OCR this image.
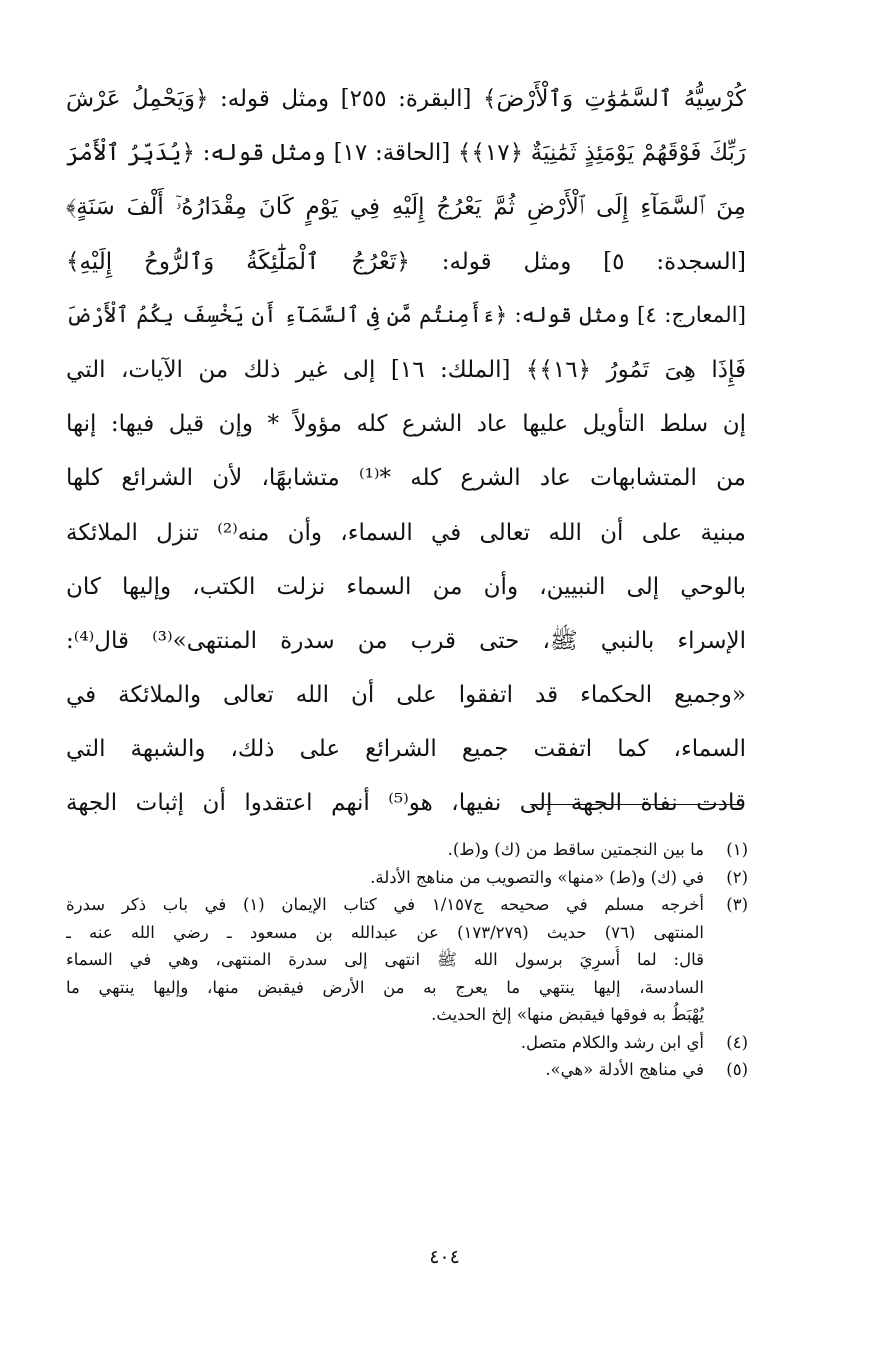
كُرْسِيُّهُ ٱلسَّمَٰوَٰتِ وَٱلْأَرْضَ﴾ [البقرة: ٢٥٥] ومثل قوله: ﴿وَيَحْمِلُ عَرْشَ
رَبِّكَ فَوْقَهُمْ يَوْمَئِذٍ ثَمَٰنِيَةٌ ﴿١٧﴾﴾ [الحاقة: ١٧] ومثل قوله: ﴿يُدَبِّرُ ٱلْأَمْرَ
مِنَ ٱلسَّمَآءِ إِلَى ٱلْأَرْضِ ثُمَّ يَعْرُجُ إِلَيْهِ فِي يَوْمٍ كَانَ مِقْدَارُهُۥٓ أَلْفَ سَنَةٍ﴾
[السجدة: ٥] ومثل قوله: ﴿تَعْرُجُ ٱلْمَلَٰٓئِكَةُ وَٱلرُّوحُ إِلَيْهِ﴾
[المعارج: ٤] ومثل قوله: ﴿ءَأَمِنتُم مَّن فِى ٱلسَّمَآءِ أَن يَخْسِفَ بِكُمُ ٱلْأَرْضَ
فَإِذَا هِىَ تَمُورُ ﴿١٦﴾﴾ [الملك: ١٦] إلى غير ذلك من الآيات، التي
إن سلط التأويل عليها عاد الشرع كله مؤولاً * وإن قيل فيها: إنها
من المتشابهات عاد الشرع كله *⁽¹⁾ متشابهًا، لأن الشرائع كلها
مبنية على أن الله تعالى في السماء، وأن منه⁽²⁾ تنزل الملائكة
بالوحي إلى النبيين، وأن من السماء نزلت الكتب، وإليها كان
الإسراء بالنبي ﷺ، حتى قرب من سدرة المنتهى»⁽³⁾ قال⁽⁴⁾:
«وجميع الحكماء قد اتفقوا على أن الله تعالى والملائكة في
السماء، كما اتفقت جميع الشرائع على ذلك، والشبهة التي
قادت نفاة الجهة إلى نفيها، هو⁽⁵⁾ أنهم اعتقدوا أن إثبات الجهة
(١)
ما بين النجمتين ساقط من (ك) و(ط).
(٢)
في (ك) و(ط) «منها» والتصويب من مناهج الأدلة.
(٣)
أخرجه مسلم في صحيحه ج١/١٥٧ في كتاب الإيمان (١) في باب ذكر سدرة
المنتهى (٧٦) حديث (١٧٣/٢٧٩) عن عبدالله بن مسعود ـ رضي الله عنه ـ
قال: لما أُسرِيَ برسول الله ﷺ انتهى إلى سدرة المنتهى، وهي في السماء
السادسة، إليها ينتهي ما يعرج به من الأرض فيقبض منها، وإليها ينتهي ما
يُهْبَطُ به فوقها فيقبض منها» إلخ الحديث.
(٤)
أي ابن رشد والكلام متصل.
(٥)
في مناهج الأدلة «هي».
٤٠٤
